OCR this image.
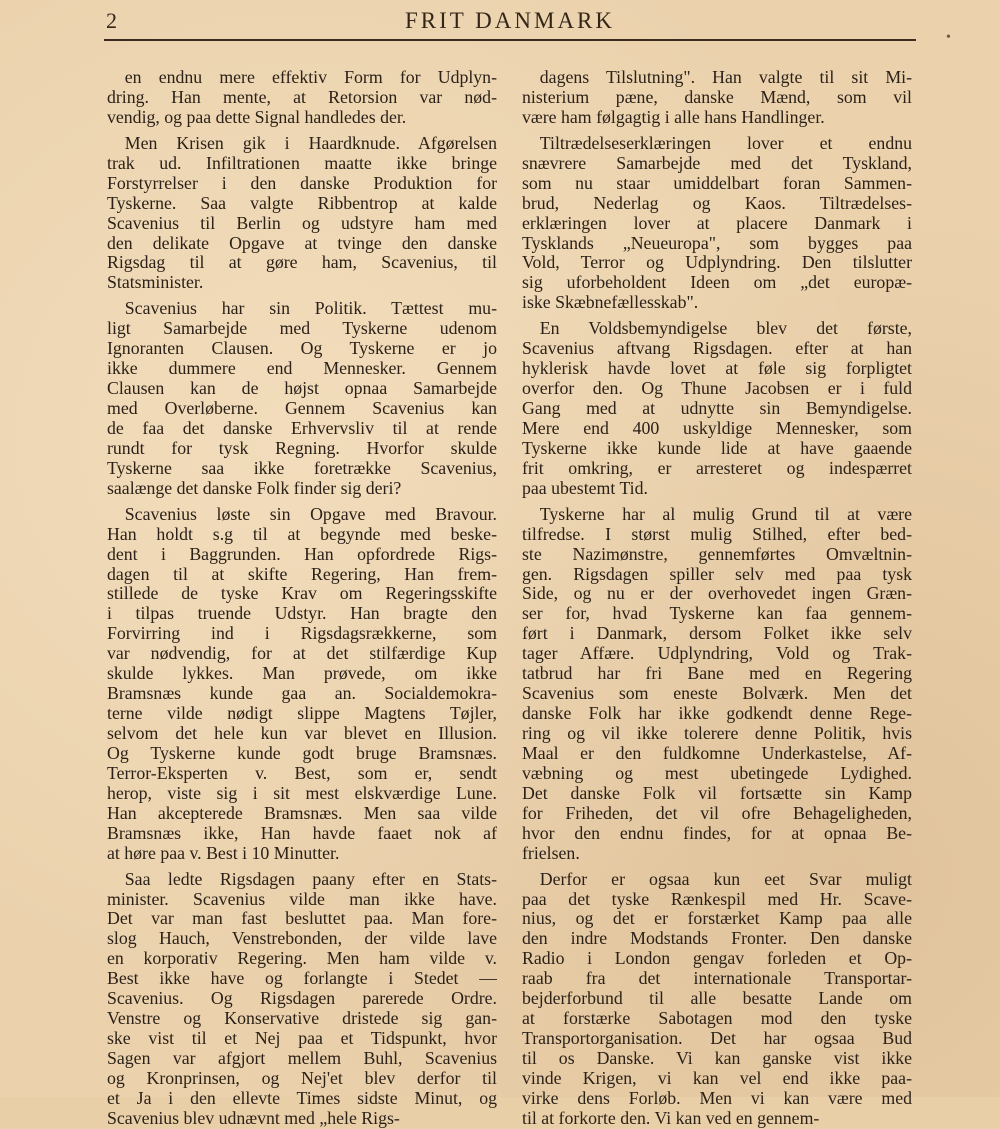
2	FRIT DANMARK
 en endnu mere effektiv Form for Udplyn-
dring. Han mente, at Retorsion var nød-
vendig, og paa dette Signal handledes der.
 Men Krisen gik i Haardknude. Afgørelsen
trak ud. Infiltrationen maatte ikke bringe
Forstyrrelser i den danske Produktion for
Tyskerne. Saa valgte Ribbentrop at kalde
Scavenius til Berlin og udstyre ham med
den delikate Opgave at tvinge den danske
Rigsdag til at gøre ham, Scavenius, til
Statsminister.
 Scavenius har sin Politik. Tættest mu-
ligt Samarbejde med Tyskerne udenom
Ignoranten Clausen. Og Tyskerne er jo
ikke dummere end Mennesker. Gennem
Clausen kan de højst opnaa Samarbejde
med Overløberne. Gennem Scavenius kan
de faa det danske Erhvervsliv til at rende
rundt for tysk Regning. Hvorfor skulde
Tyskerne saa ikke foretrække Scavenius,
saalænge det danske Folk finder sig deri?
 Scavenius løste sin Opgave med Bravour.
Han holdt s.g til at begynde med beske-
dent i Baggrunden. Han opfordrede Rigs-
dagen til at skifte Regering, Han frem-
stillede de tyske Krav om Regeringsskifte
i tilpas truende Udstyr. Han bragte den
Forvirring ind i Rigsdagsrækkerne, som
var nødvendig, for at det stilfærdige Kup
skulde lykkes. Man prøvede, om ikke
Bramsnæs kunde gaa an. Socialdemokra-
terne vilde nødigt slippe Magtens Tøjler,
selvom det hele kun var blevet en Illusion.
Og Tyskerne kunde godt bruge Bramsnæs.
Terror-Eksperten v. Best, som er, sendt
herop, viste sig i sit mest elskværdige Lune.
Han akcepterede Bramsnæs. Men saa vilde
Bramsnæs ikke, Han havde faaet nok af
at høre paa v. Best i 10 Minutter.
 Saa ledte Rigsdagen paany efter en Stats-
minister. Scavenius vilde man ikke have.
Det var man fast besluttet paa. Man fore-
slog Hauch, Venstrebonden, der vilde lave
en korporativ Regering. Men ham vilde v.
Best ikke have og forlangte i Stedet —
Scavenius. Og Rigsdagen parerede Ordre.
Venstre og Konservative dristede sig gan-
ske vist til et Nej paa et Tidspunkt, hvor
Sagen var afgjort mellem Buhl, Scavenius
og Kronprinsen, og Nej'et blev derfor til
et Ja i den ellevte Times sidste Minut, og
Scavenius blev udnævnt med „hele Rigs-
 dagens Tilslutning". Han valgte til sit Mi-
nisterium pæne, danske Mænd, som vil
være ham følgagtig i alle hans Handlinger.
 Tiltrædelseserklæringen lover et endnu
snævrere Samarbejde med det Tyskland,
som nu staar umiddelbart foran Sammen-
brud, Nederlag og Kaos. Tiltrædelses-
erklæringen lover at placere Danmark i
Tysklands „Neueuropa", som bygges paa
Vold, Terror og Udplyndring. Den tilslutter
sig uforbeholdent Ideen om „det europæ-
iske Skæbnefællesskab".
 En Voldsbemyndigelse blev det første,
Scavenius aftvang Rigsdagen. efter at han
hyklerisk havde lovet at føle sig forpligtet
overfor den. Og Thune Jacobsen er i fuld
Gang med at udnytte sin Bemyndigelse.
Mere end 400 uskyldige Mennesker, som
Tyskerne ikke kunde lide at have gaaende
frit omkring, er arresteret og indespærret
paa ubestemt Tid.
 Tyskerne har al mulig Grund til at være
tilfredse. I størst mulig Stilhed, efter bed-
ste Nazimønstre, gennemførtes Omvæltnin-
gen. Rigsdagen spiller selv med paa tysk
Side, og nu er der overhovedet ingen Græn-
ser for, hvad Tyskerne kan faa gennem-
ført i Danmark, dersom Folket ikke selv
tager Affære. Udplyndring, Vold og Trak-
tatbrud har fri Bane med en Regering
Scavenius som eneste Bolværk. Men det
danske Folk har ikke godkendt denne Rege-
ring og vil ikke tolerere denne Politik, hvis
Maal er den fuldkomne Underkastelse, Af-
væbning og mest ubetingede Lydighed.
Det danske Folk vil fortsætte sin Kamp
for Friheden, det vil ofre Behageligheden,
hvor den endnu findes, for at opnaa Be-
frielsen.
 Derfor er ogsaa kun eet Svar muligt
paa det tyske Rænkespil med Hr. Scave-
nius, og det er forstærket Kamp paa alle
den indre Modstands Fronter. Den danske
Radio i London gengav forleden et Op-
raab fra det internationale Transportar-
bejderforbund til alle besatte Lande om
at forstærke Sabotagen mod den tyske
Transportorganisation. Det har ogsaa Bud
til os Danske. Vi kan ganske vist ikke
vinde Krigen, vi kan vel end ikke paa-
virke dens Forløb. Men vi kan være med
til at forkorte den. Vi kan ved en gennem-
•
